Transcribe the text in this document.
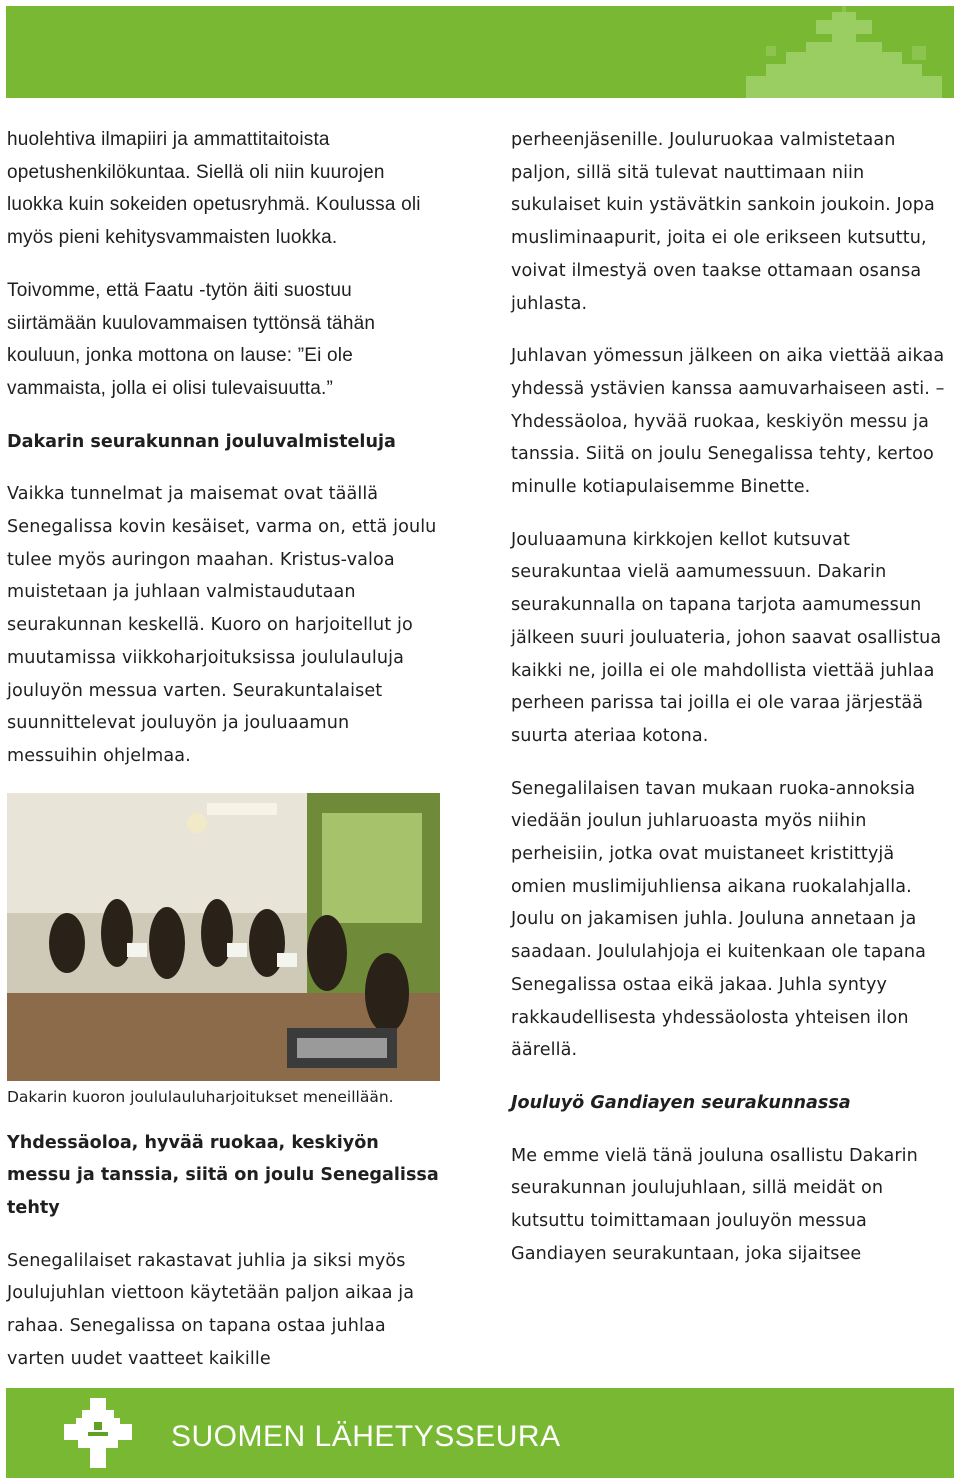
huolehtiva ilmapiiri ja ammattitaitoista opetushenkilökuntaa. Siellä oli niin kuurojen luokka kuin sokeiden opetusryhmä. Koulussa oli myös pieni kehitysvammaisten luokka.

Toivomme, että Faatu -tytön äiti suostuu siirtämään kuulovammaisen tyttönsä tähän kouluun, jonka mottona on lause: ”Ei ole vammaista, jolla ei olisi tulevaisuutta.”

Dakarin seurakunnan jouluvalmisteluja

Vaikka tunnelmat ja maisemat ovat täällä Senegalissa kovin kesäiset, varma on, että joulu tulee myös auringon maahan. Kristus-valoa muistetaan ja juhlaan valmistaudutaan seurakunnan keskellä. Kuoro on harjoitellut jo muutamissa viikkoharjoituksissa joululauluja jouluyön messua varten. Seurakuntalaiset suunnittelevat jouluyön ja jouluaamun messuihin ohjelmaa.

Dakarin kuoron joululauluharjoitukset meneillään.
Yhdessäoloa, hyvää ruokaa, keskiyön messu ja tanssia, siitä on joulu Senegalissa tehty

Senegalilaiset rakastavat juhlia ja siksi myös Joulujuhlan viettoon käytetään paljon aikaa ja rahaa. Senegalissa on tapana ostaa juhlaa varten uudet vaatteet kaikille

perheenjäsenille. Jouluruokaa valmistetaan paljon, sillä sitä tulevat nauttimaan niin sukulaiset kuin ystävätkin sankoin joukoin. Jopa musliminaapurit, joita ei ole erikseen kutsuttu, voivat ilmestyä oven taakse ottamaan osansa juhlasta.

Juhlavan yömessun jälkeen on aika viettää aikaa yhdessä ystävien kanssa aamuvarhaiseen asti. – Yhdessäoloa, hyvää ruokaa, keskiyön messu ja tanssia. Siitä on joulu Senegalissa tehty, kertoo minulle kotiapulaisemme Binette.

Jouluaamuna kirkkojen kellot kutsuvat seurakuntaa vielä aamumessuun. Dakarin seurakunnalla on tapana tarjota aamumessun jälkeen suuri jouluateria, johon saavat osallistua kaikki ne, joilla ei ole mahdollista viettää juhlaa perheen parissa tai joilla ei ole varaa järjestää suurta ateriaa kotona.

Senegalilaisen tavan mukaan ruoka-annoksia viedään joulun juhlaruoasta myös niihin perheisiin, jotka ovat muistaneet kristittyjä omien muslimijuhliensa aikana ruokalahjalla. Joulu on jakamisen juhla. Jouluna annetaan ja saadaan. Joululahjoja ei kuitenkaan ole tapana Senegalissa ostaa eikä jakaa. Juhla syntyy rakkaudellisesta yhdessäolosta yhteisen ilon äärellä.

Jouluyö Gandiayen seurakunnassa

Me emme vielä tänä jouluna osallistu Dakarin seurakunnan joulujuhlaan, sillä meidät on kutsuttu toimittamaan jouluyön messua Gandiayen seurakuntaan, joka sijaitsee

SUOMEN LÄHETYSSEURA
